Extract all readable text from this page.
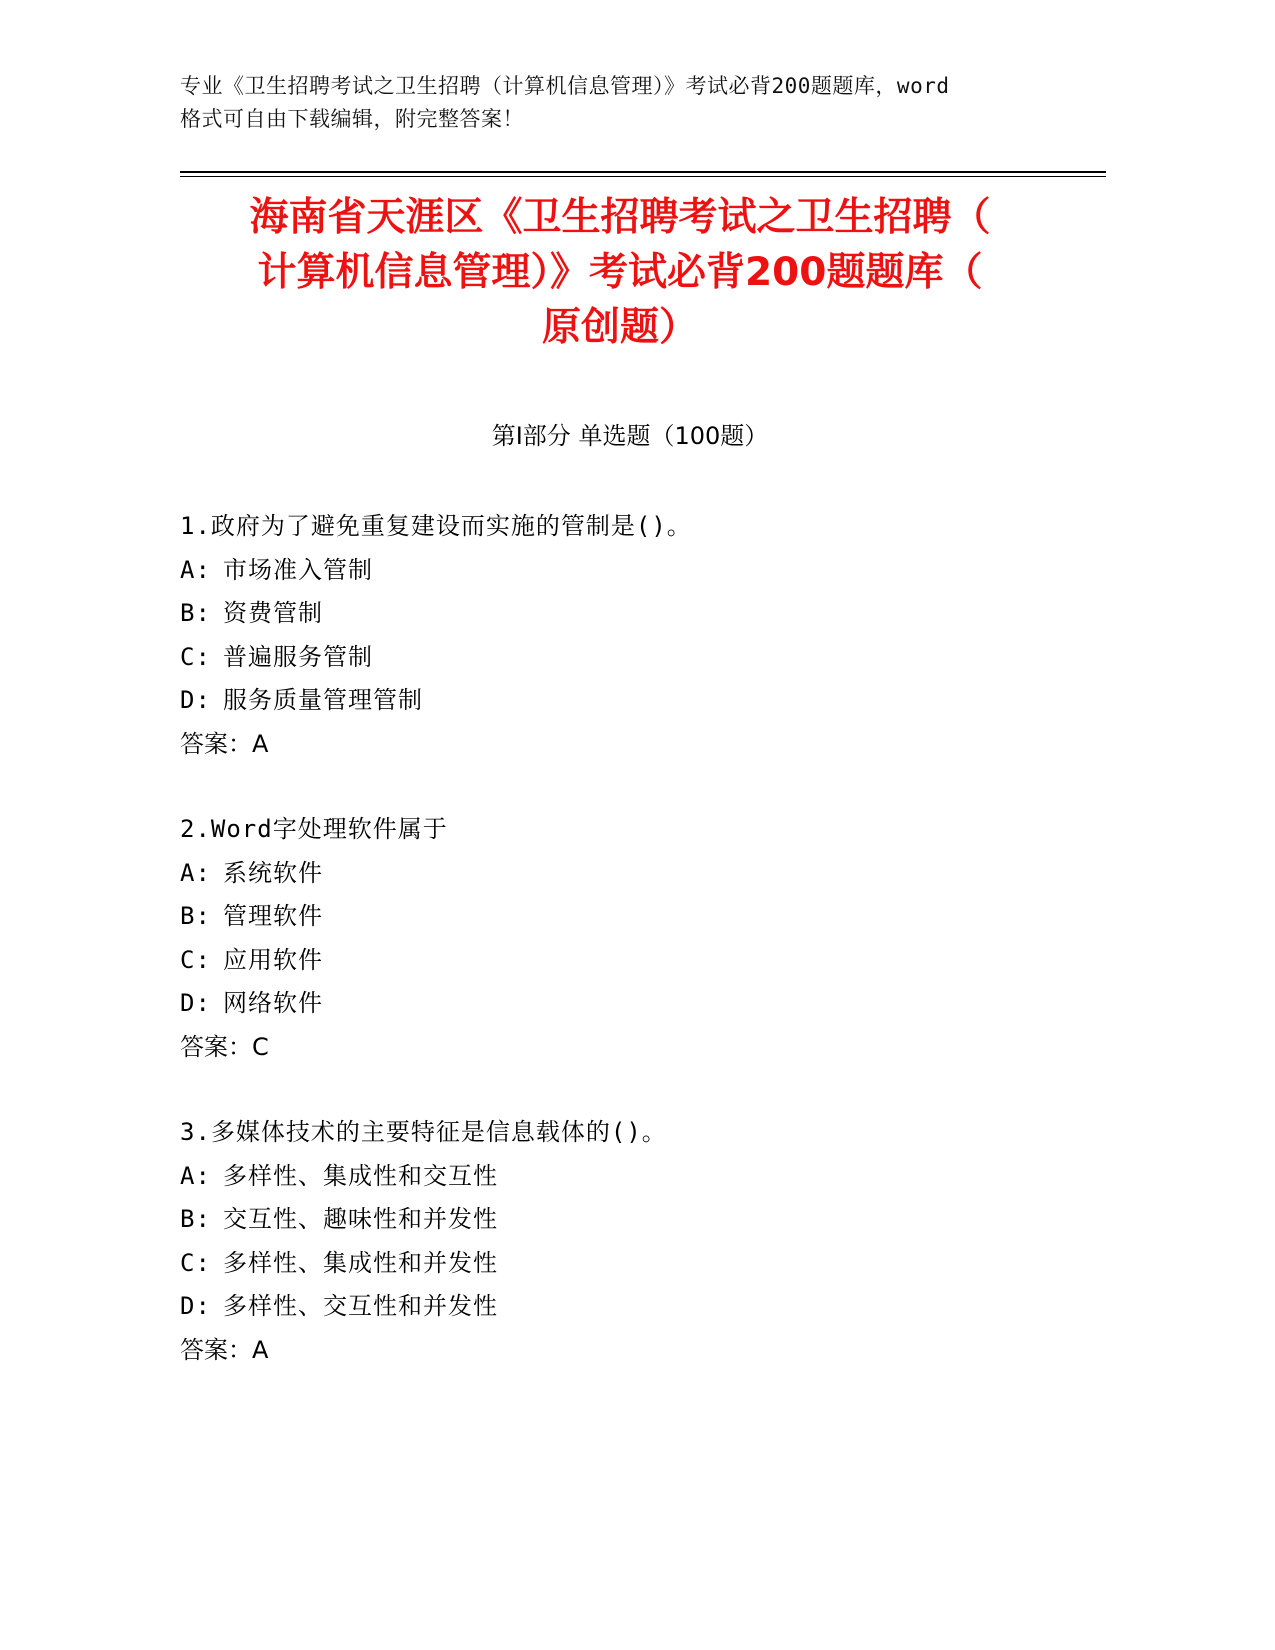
专业《卫生招聘考试之卫生招聘（计算机信息管理）》考试必背200题题库，word
格式可自由下载编辑，附完整答案！
海南省天涯区《卫生招聘考试之卫生招聘（
计算机信息管理）》考试必背200题题库（
原创题）
第Ⅰ部分 单选题（100题）
1.政府为了避免重复建设而实施的管制是()。
A: 市场准入管制
B: 资费管制
C: 普遍服务管制
D: 服务质量管理管制
答案：A
2.Word字处理软件属于
A: 系统软件
B: 管理软件
C: 应用软件
D: 网络软件
答案：C
3.多媒体技术的主要特征是信息载体的()。
A: 多样性、集成性和交互性
B: 交互性、趣味性和并发性
C: 多样性、集成性和并发性
D: 多样性、交互性和并发性
答案：A
